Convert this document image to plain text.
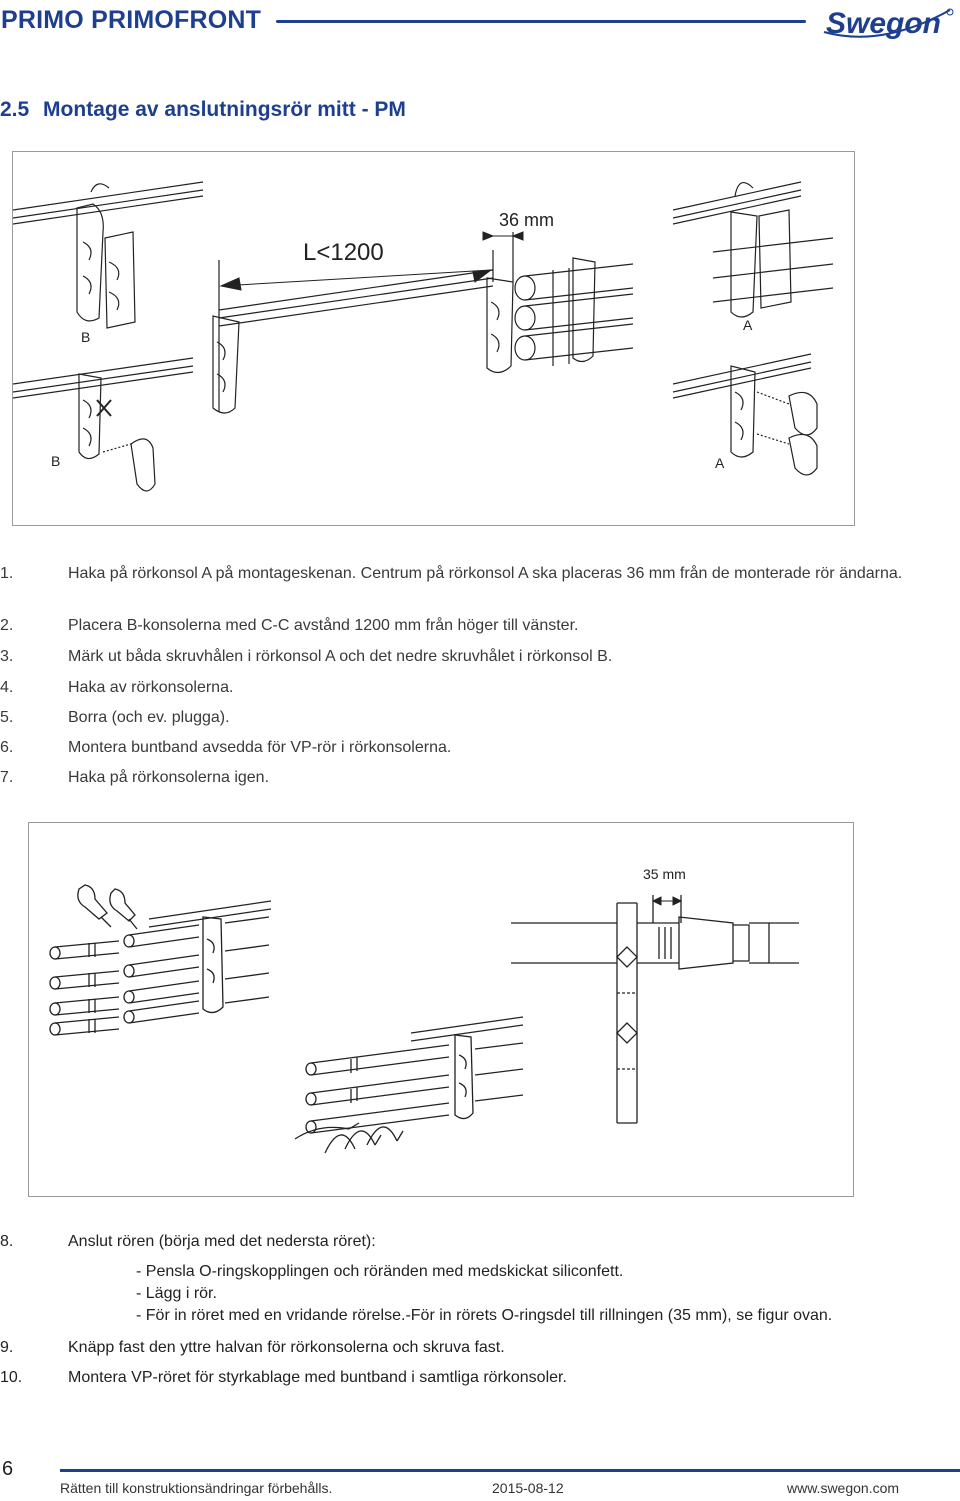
PRIMO PRIMOFRONT	Swegon
2.5 Montage av anslutningsrör mitt - PM
L<1200
36 mm
B
B
A
A
1.	Haka på rörkonsol A på montageskenan. Centrum på rörkonsol A ska placeras 36 mm från de monterade rör ändarna.
2.	Placera B-konsolerna med C-C avstånd 1200 mm från höger till vänster.
3.	Märk ut båda skruvhålen i rörkonsol A och det nedre skruvhålet i rörkonsol B.
4.	Haka av rörkonsolerna.
5.	Borra (och ev. plugga).
6.	Montera buntband avsedda för VP-rör i rörkonsolerna.
7.	Haka på rörkonsolerna igen.
35 mm
8.	Anslut rören (börja med det nedersta röret):
- Pensla O-ringskopplingen och röränden med medskickat siliconfett.
- Lägg i rör.
- För in röret med en vridande rörelse.-För in rörets O-ringsdel till rillningen (35 mm), se figur ovan.
9.	Knäpp fast den yttre halvan för rörkonsolerna och skruva fast.
10.	Montera VP-röret för styrkablage med buntband i samtliga rörkonsoler.
6
Rätten till konstruktionsändringar förbehålls.	2015-08-12	www.swegon.com
